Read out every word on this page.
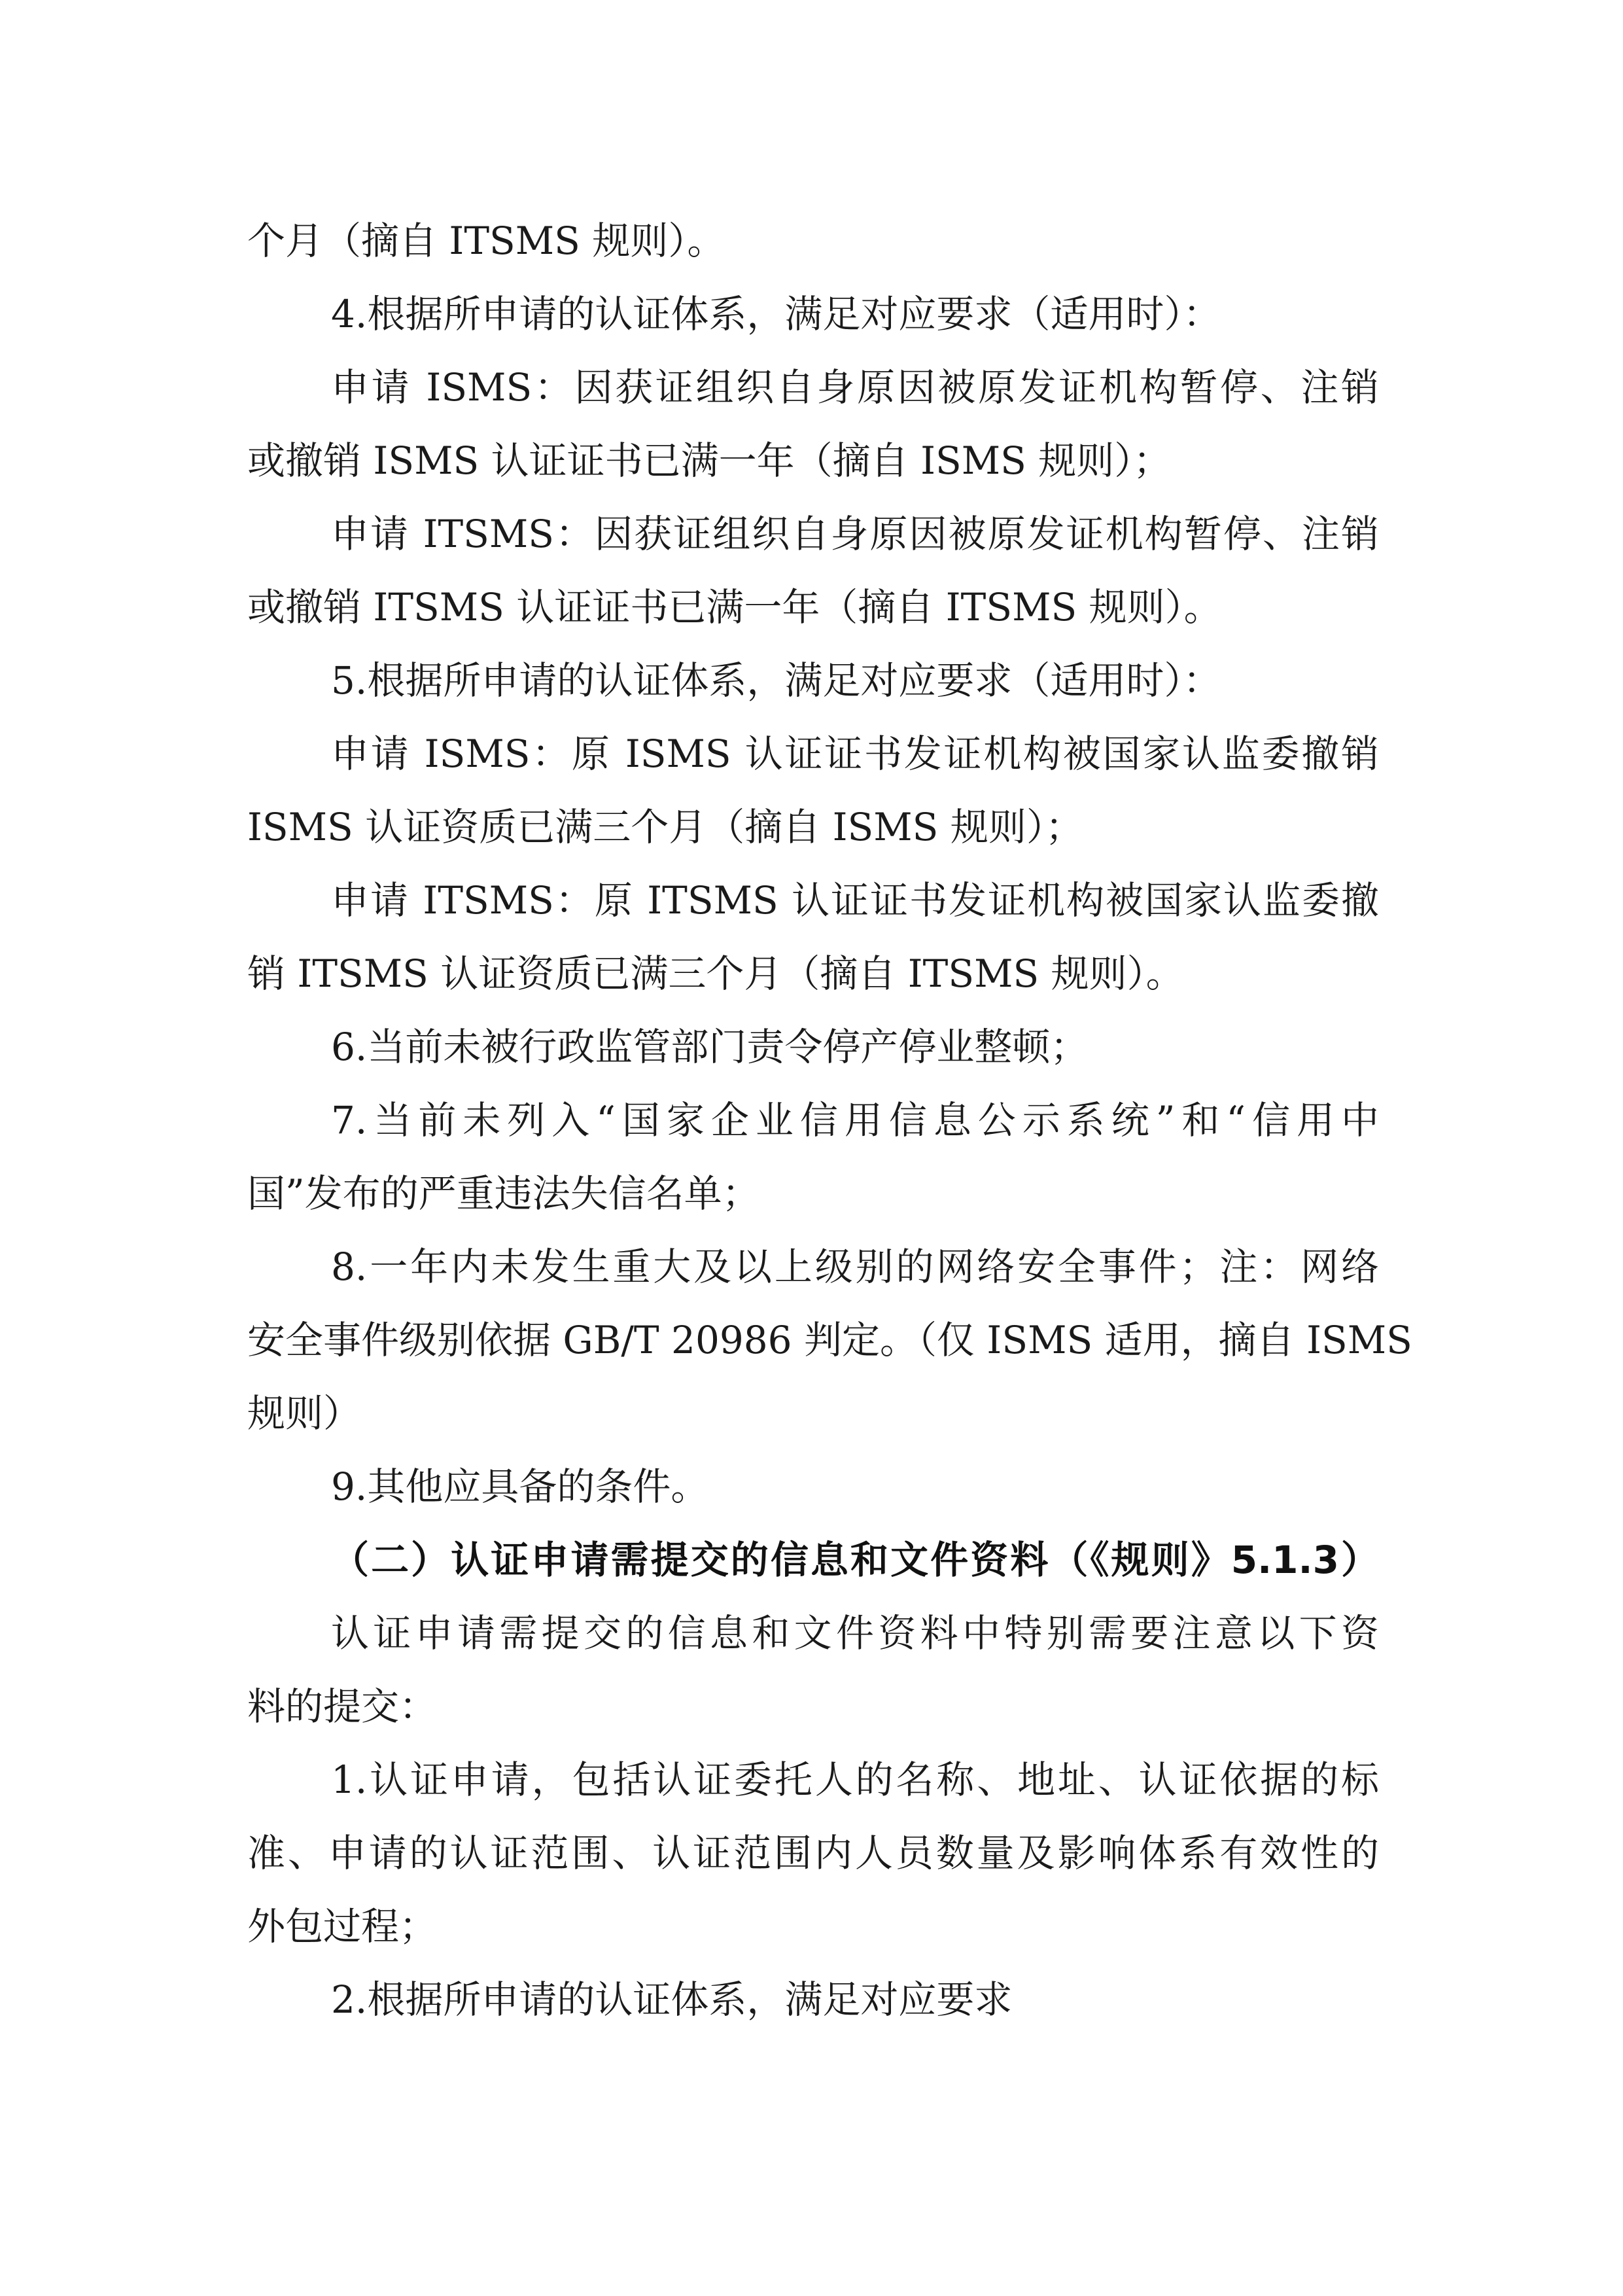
个月（摘自 ITSMS 规则）。
4.根据所申请的认证体系，满足对应要求（适用时）：
申请 ISMS：因获证组织自身原因被原发证机构暂停、注销
或撤销 ISMS 认证证书已满一年（摘自 ISMS 规则）；
申请 ITSMS：因获证组织自身原因被原发证机构暂停、注销
或撤销 ITSMS 认证证书已满一年（摘自 ITSMS 规则）。
5.根据所申请的认证体系，满足对应要求（适用时）：
申请 ISMS：原 ISMS 认证证书发证机构被国家认监委撤销
ISMS 认证资质已满三个月（摘自 ISMS 规则）；
申请 ITSMS：原 ITSMS 认证证书发证机构被国家认监委撤
销 ITSMS 认证资质已满三个月（摘自 ITSMS 规则）。
6.当前未被行政监管部门责令停产停业整顿；
7.当前未列入“国家企业信用信息公示系统”和“信用中
国”发布的严重违法失信名单；
8.一年内未发生重大及以上级别的网络安全事件；注：网络
安全事件级别依据 GB/T 20986 判定。（仅 ISMS 适用，摘自 ISMS
规则）
9.其他应具备的条件。
（二）认证申请需提交的信息和文件资料（《规则》5.1.3）
认证申请需提交的信息和文件资料中特别需要注意以下资
料的提交：
1.认证申请，包括认证委托人的名称、地址、认证依据的标
准、申请的认证范围、认证范围内人员数量及影响体系有效性的
外包过程；
2.根据所申请的认证体系，满足对应要求
